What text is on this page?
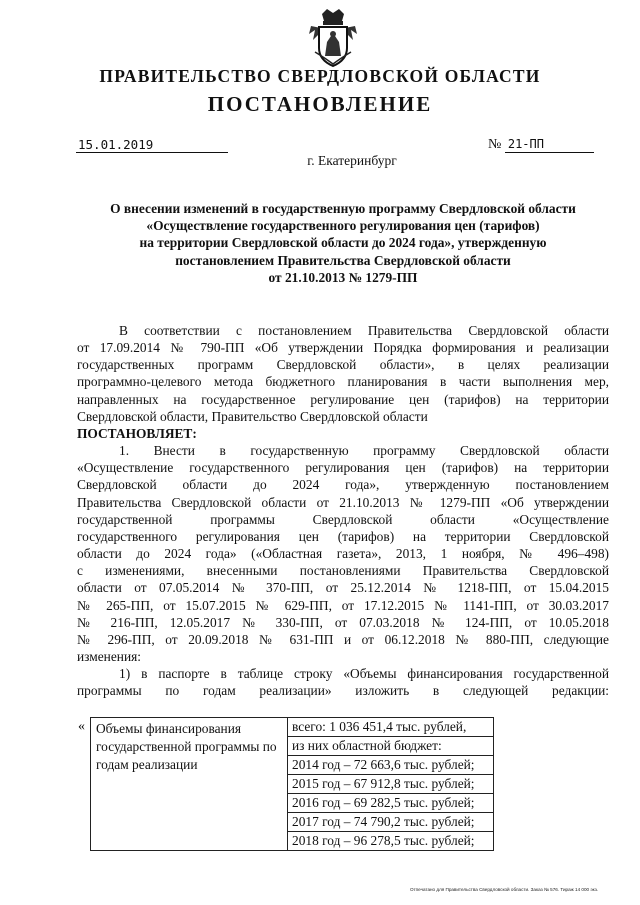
ПРАВИТЕЛЬСТВО СВЕРДЛОВСКОЙ ОБЛАСТИ
ПОСТАНОВЛЕНИЕ
15.01.2019	№ 21-ПП
г. Екатеринбург
О внесении изменений в государственную программу Свердловской области
«Осуществление государственного регулирования цен (тарифов)
на территории Свердловской области до 2024 года», утвержденную
постановлением Правительства Свердловской области
от 21.10.2013 № 1279-ПП

В соответствии с постановлением Правительства Свердловской области

от 17.09.2014 № 790-ПП «Об утверждении Порядка формирования и реализации

государственных программ Свердловской области», в целях реализации

программно-целевого метода бюджетного планирования в части выполнения мер,

направленных на государственное регулирование цен (тарифов) на территории

Свердловской области, Правительство Свердловской области

ПОСТАНОВЛЯЕТ:

1. Внести в государственную программу Свердловской области

«Осуществление государственного регулирования цен (тарифов) на территории

Свердловской области до 2024 года», утвержденную постановлением

Правительства Свердловской области от 21.10.2013 № 1279-ПП «Об утверждении

государственной программы Свердловской области «Осуществление

государственного регулирования цен (тарифов) на территории Свердловской

области до 2024 года» («Областная газета», 2013, 1 ноября, № 496–498)

с изменениями, внесенными постановлениями Правительства Свердловской

области от 07.05.2014 № 370-ПП, от 25.12.2014 № 1218-ПП, от 15.04.2015

№ 265-ПП, от 15.07.2015 № 629-ПП, от 17.12.2015 № 1141-ПП, от 30.03.2017

№ 216-ПП, 12.05.2017 № 330-ПП, от 07.03.2018 № 124-ПП, от 10.05.2018

№ 296-ПП, от 20.09.2018 № 631-ПП и от 06.12.2018 № 880-ПП, следующие

изменения:

1) в паспорте в таблице строку «Объемы финансирования государственной

программы по годам реализации» изложить в следующей редакции:

« Объемы финансирования государственной программы по годам реализации	
всего: 1 036 451,4 тыс. рублей,
из них областной бюджет:
2014 год – 72 663,6 тыс. рублей;
2015 год – 67 912,8 тыс. рублей;
2016 год – 69 282,5 тыс. рублей;
2017 год – 74 790,2 тыс. рублей;
2018 год – 96 278,5 тыс. рублей;
Отпечатано для Правительства Свердловской области. Заказ № 576. Тираж 14 000 экз.
